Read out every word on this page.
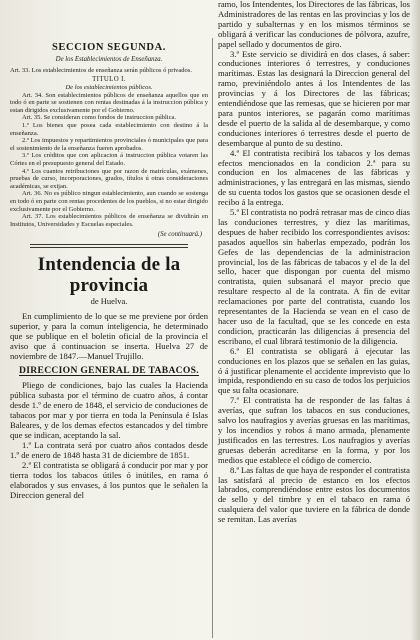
SECCION SEGUNDA.

De los Establecimientos de Enseñanza.

Art. 33. Los establecimientos de enseñanza serán públicos ó privados.

TITULO I.

De los establecimientos públicos.

Art. 34. Son establecimientos públicos de enseñanza aquellos que en todo ó en parte se sostienen con rentas destinadas á la instruccion pública y estan dirigidos exclusivamente por el Gobierno.

Art. 35. Se consideran como fondos de instruccion pública.

1.º Los bienes que posea cada establecimiento con destino á la enseñanza.

2.º Los impuestos y repartimientos provinciales ó municipales que para el sostenimiento de la enseñanza fueren aprobados.

3.º Los créditos que con aplicacion á instruccion pública votaren las Córtes en el presupuesto general del Estado.

4.º Los cuantos retribuciones que por razon de matrículas, exámenes, pruebas de curso, incorporaciones, grados, títulos ú otras consideraciones académicas, se exijan.

Art. 36. No es público ningun establecimiento, aun cuando se sostenga en todo ó en parte con rentas procedentes de los pueblos, si no estar dirigido exclusivamente por el Gobierno.

Art. 37. Los establecimientos públicos de enseñanza se dividirán en Institutos, Universidades y Escuelas especiales.

(Se continuará.)

Intendencia de la provincia

de Huelva.

En cumplimiento de lo que se me previene por órden superior, y para la comun inteligencia, he determinado que se publique en el boletin oficial de la provincia el aviso que á continuacion se inserta. Huelva 27 de noviembre de 1847.—Manuel Trujillo.

DIRECCION GENERAL DE TABACOS.

Pliego de condiciones, bajo las cuales la Hacienda pública subasta por el término de cuatro años, á contar desde 1.º de enero de 1848, el servicio de conduciones de tabacos por mar y por tierra en toda la Península é Islas Baleares, y de los demas efectos estancados y del timbre que se indican, aceptando la sal.

1.ª La contrata será por cuatro años contados desde 1.º de enero de 1848 hasta 31 de diciembre de 1851.

2.ª El contratista se obligará á conducir por mar y por tierra todos los tabacos útiles ó inútiles, en rama ó elaborados y sus envases, á los puntos que le señalen la Direccion general del

ramo, los Intendentes, los Directores de las fábricas, los Administradores de las rentas en las provincias y los de partido y subalternas y en los mismos términos se obligará á verificar las conduciones de pólvora, azufre, papel sellado y documentos de giro.

3.ª Este servicio se dividirá en dos clases, á saber: conduciones interiores ó terrestres, y conduciones marítimas. Estas las designará la Direccion general del ramo, previniéndolo antes á los Intendentes de las provincias y á los Directores de las fábricas; entendiéndose que las remesas, que se hicieren por mar para puntos interiores, se pagarán como marítimas desde el puerto de la salida al de desembarque, y como conduciones interiores ó terrestres desde el puerto de desembarque al punto de su destino.

4.ª El contratista recibirá los tabacos y los demas efectos mencionados en la condicion 2.ª para su conducion en los almacenes de las fábricas y administraciones, y las entregará en las mismas, siendo de su cuenta todos los gastos que se ocasionen desde el recibo á la entrega.

5.ª El contratista no podrá retrasar mas de cinco dias las conduciones terrestres, y diez las marítimas, despues de haber recibido los correspondientes avisos: pasados aquellos sin haberlas empezado, podrán los Gefes de las dependencias de la administracion provincial, los de las fábricas de tabacos y el de la del sello, hacer que dispongan por cuenta del mismo contratista, quien subsanará el mayor precio que resultare respecto al de la contrata. A fin de evitar reclamaciones por parte del contratista, cuando los representantes de la Hacienda se vean en el caso de hacer uso de la facultad, que se les concede en esta condicion, practicarán las diligencias á presencia del escribano, el cual librará testimonio de la diligencia.

6.ª El contratista se obligará á ejecutar las conduciones en los plazos que se señalen en las guias, ó á justificar plenamente el accidente imprevisto que lo impida, respondiendo en su caso de todos los perjuicios que su falta ocasionare.

7.ª El contratista ha de responder de las faltas á averías, que sufran los tabacos en sus conduciones, salvo los naufragios y averías gruesas en las marítimas, y los incendios y robos á mano armada, plenamente justificados en las terrestres. Los naufragios y averías gruesas deberán acreditarse en la forma, y por los medios que establece el código de comercio.

8.ª Las faltas de que haya de responder el contratista las satisfará al precio de estanco en los efectos labrados, comprendiéndose entre estos los documentos de sello y del timbre y en el tabaco en rama ó cualquiera del valor que tuviere en la fábrica de donde se remitan. Las averías
